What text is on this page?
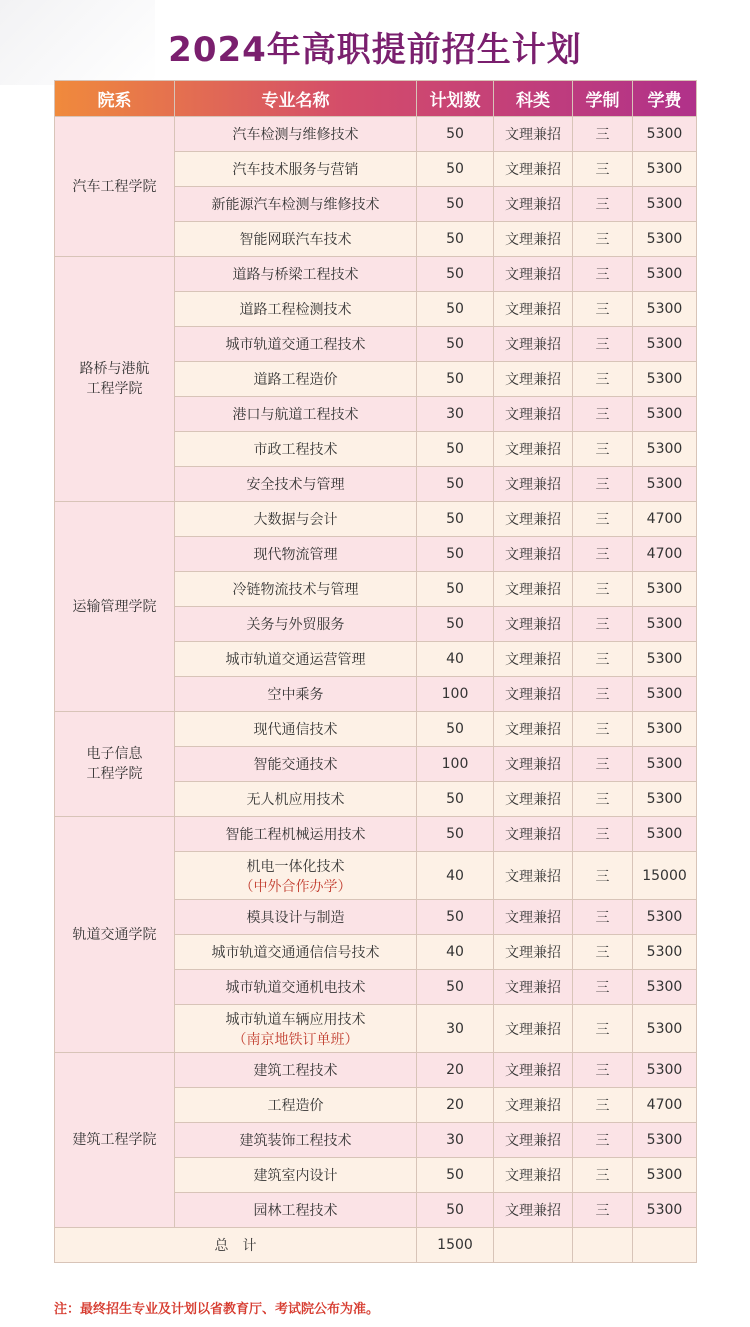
2024年高职提前招生计划
院系	专业名称	计划数	科类	学制	学费
汽车工程学院	汽车检测与维修技术	50	文理兼招	三	5300

	汽车技术服务与营销	50	文理兼招	三	5300

	新能源汽车检测与维修技术	50	文理兼招	三	5300

	智能网联汽车技术	50	文理兼招	三	5300
路桥与港航
工程学院	道路与桥梁工程技术	50	文理兼招	三	5300

	道路工程检测技术	50	文理兼招	三	5300

	城市轨道交通工程技术	50	文理兼招	三	5300

	道路工程造价	50	文理兼招	三	5300

	港口与航道工程技术	30	文理兼招	三	5300

	市政工程技术	50	文理兼招	三	5300

	安全技术与管理	50	文理兼招	三	5300
运输管理学院	大数据与会计	50	文理兼招	三	4700

	现代物流管理	50	文理兼招	三	4700

	冷链物流技术与管理	50	文理兼招	三	5300

	关务与外贸服务	50	文理兼招	三	5300

	城市轨道交通运营管理	40	文理兼招	三	5300

	空中乘务	100	文理兼招	三	5300
电子信息
工程学院	现代通信技术	50	文理兼招	三	5300

	智能交通技术	100	文理兼招	三	5300

	无人机应用技术	50	文理兼招	三	5300
轨道交通学院	智能工程机械运用技术	50	文理兼招	三	5300

	机电一体化技术
（中外合作办学）	40	文理兼招	三	15000

	模具设计与制造	50	文理兼招	三	5300

	城市轨道交通通信信号技术	40	文理兼招	三	5300

	城市轨道交通机电技术	50	文理兼招	三	5300

	城市轨道车辆应用技术
（南京地铁订单班）	30	文理兼招	三	5300
建筑工程学院	建筑工程技术	20	文理兼招	三	5300

	工程造价	20	文理兼招	三	4700

	建筑装饰工程技术	30	文理兼招	三	5300

	建筑室内设计	50	文理兼招	三	5300

	园林工程技术	50	文理兼招	三	5300
总　计		1500			
注：最终招生专业及计划以省教育厅、考试院公布为准。
